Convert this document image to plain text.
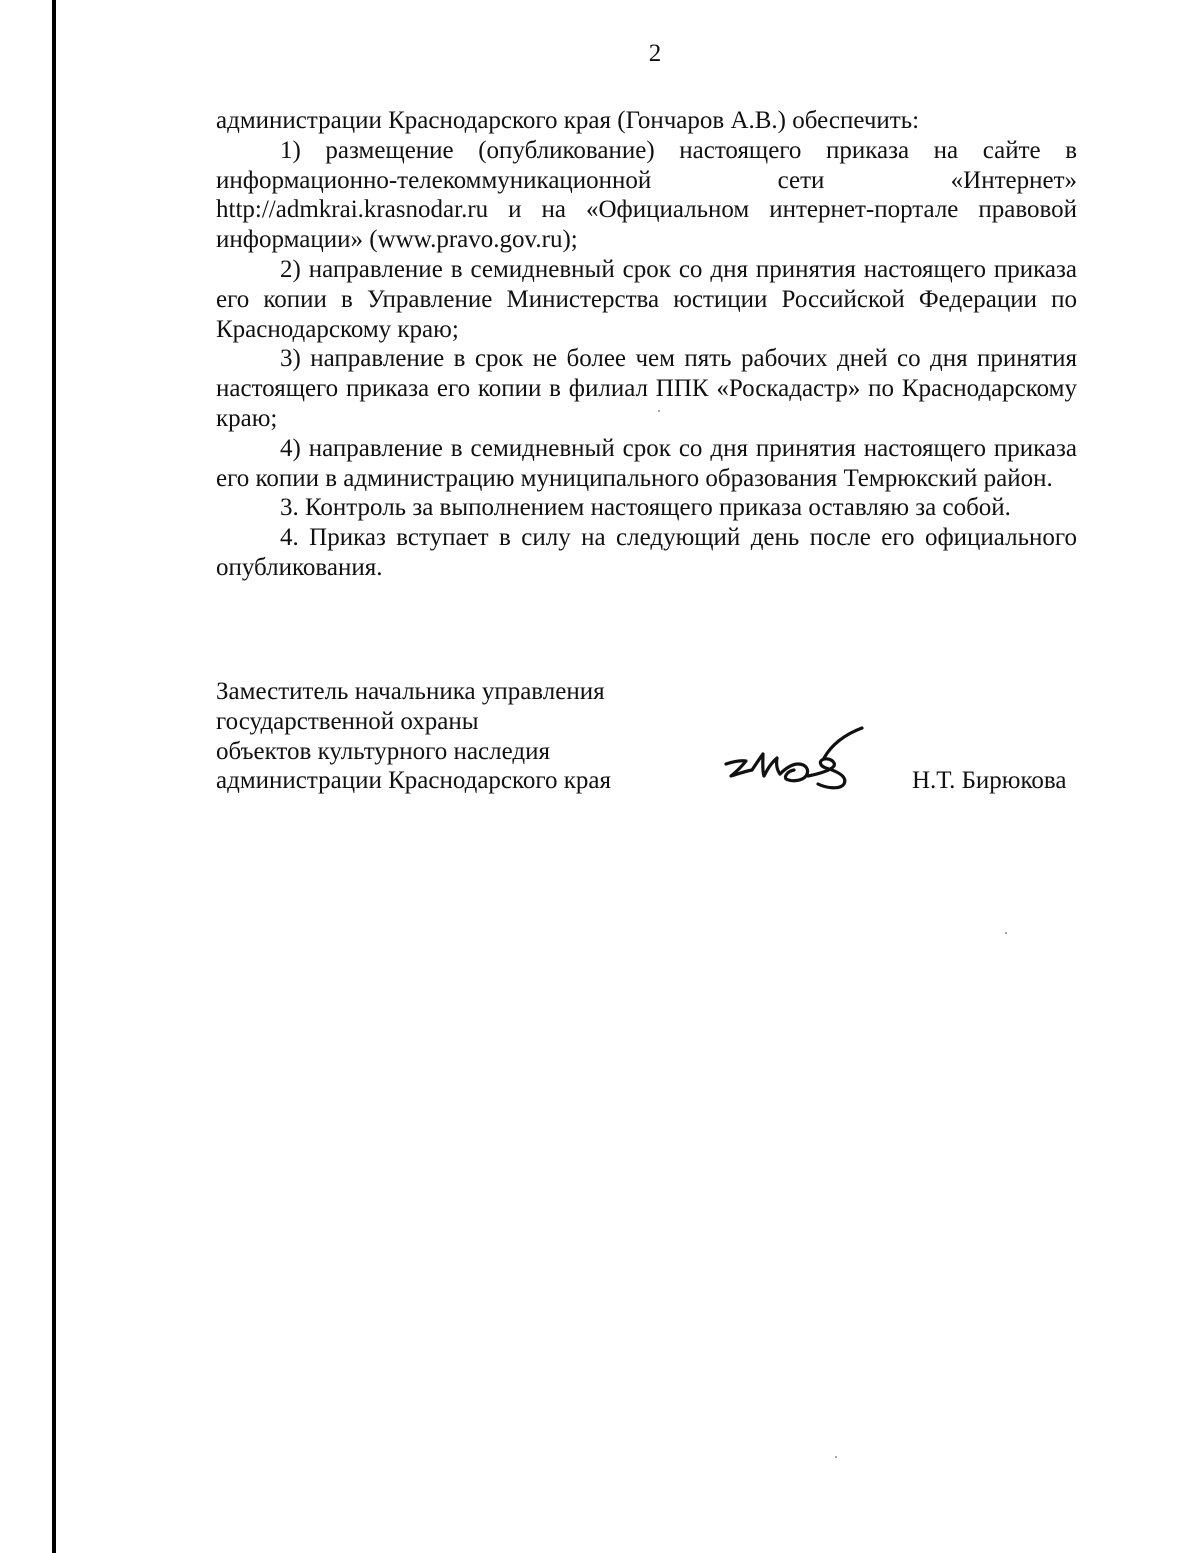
2

администрации Краснодарского края (Гончаров А.В.) обеспечить:

1) размещение (опубликование) настоящего приказа на сайте в

информационно-телекоммуникационной	сети	«Интернет»

http://admkrai.krasnodar.ru и на «Официальном интернет-портале правовой информации» (www.pravo.gov.ru);

2) направление в семидневный срок со дня принятия настоящего приказа его копии в Управление Министерства юстиции Российской Федерации по Краснодарскому краю;

3) направление в срок не более чем пять рабочих дней со дня принятия настоящего приказа его копии в филиал ППК «Роскадастр» по Краснодарскому краю;

4) направление в семидневный срок со дня принятия настоящего приказа его копии в администрацию муниципального образования Темрюкский район.

3. Контроль за выполнением настоящего приказа оставляю за собой.

4. Приказ вступает в силу на следующий день после его официального опубликования.

Заместитель начальника управления
государственной охраны
объектов культурного наследия
администрации Краснодарского края	Н.Т. Бирюкова
